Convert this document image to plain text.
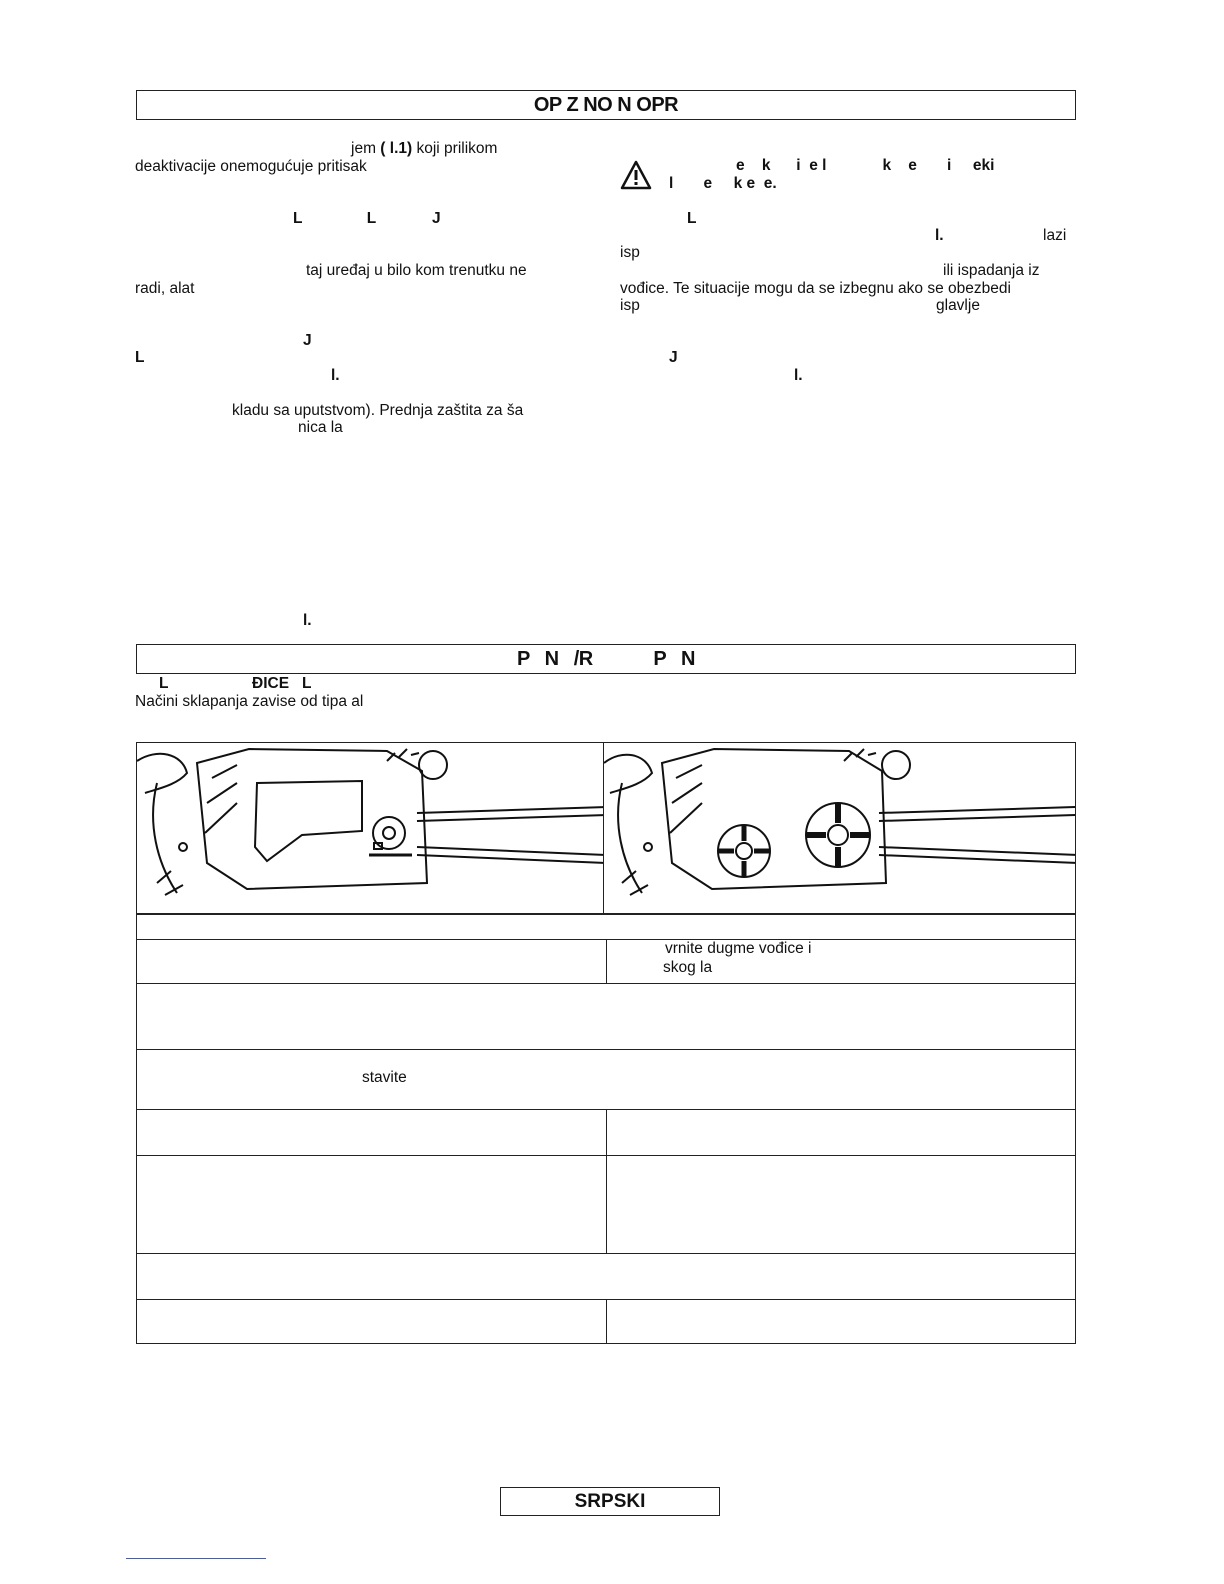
OP Z NO N OPR
jem ( l.1) koji prilikom
deaktivacije onemogućuje pritisak
L               L             J
taj uređaj u bilo kom trenutku ne
radi, alat
J
L
l.
kladu sa uputstvom). Prednja zaštita za ša
nica la
l.
e    k      i  e l             k    e       i     eki
l       e     k e  e.
L
l.	lazi
isp
ili ispadanja iz
vođice. Te situacije mogu da se izbegnu ako se obezbedi
isp	glavlje
J
l.
P   N   /R            P   N
L	ĐICE   L
Načini sklapanja zavise od tipa al
vrnite dugme vođice i
skog la
stavite
SRPSKI
